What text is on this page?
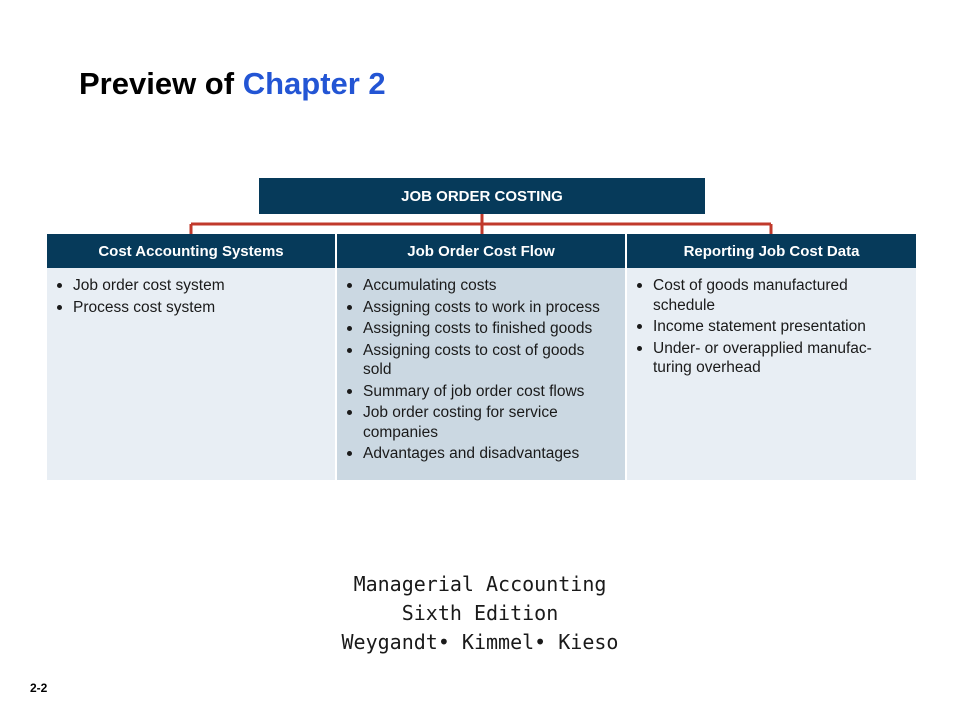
Preview of Chapter 2
JOB ORDER COSTING
Cost Accounting Systems
Job order cost system
Process cost system
Job Order Cost Flow
Accumulating costs
Assigning costs to work in process
Assigning costs to finished goods
Assigning costs to cost of goods sold
Summary of job order cost flows
Job order costing for service companies
Advantages and disadvantages
Reporting Job Cost Data
Cost of goods manufactured schedule
Income statement presentation
Under- or overapplied manufac- turing overhead
Managerial Accounting
Sixth Edition
Weygandt• Kimmel• Kieso
2-2
